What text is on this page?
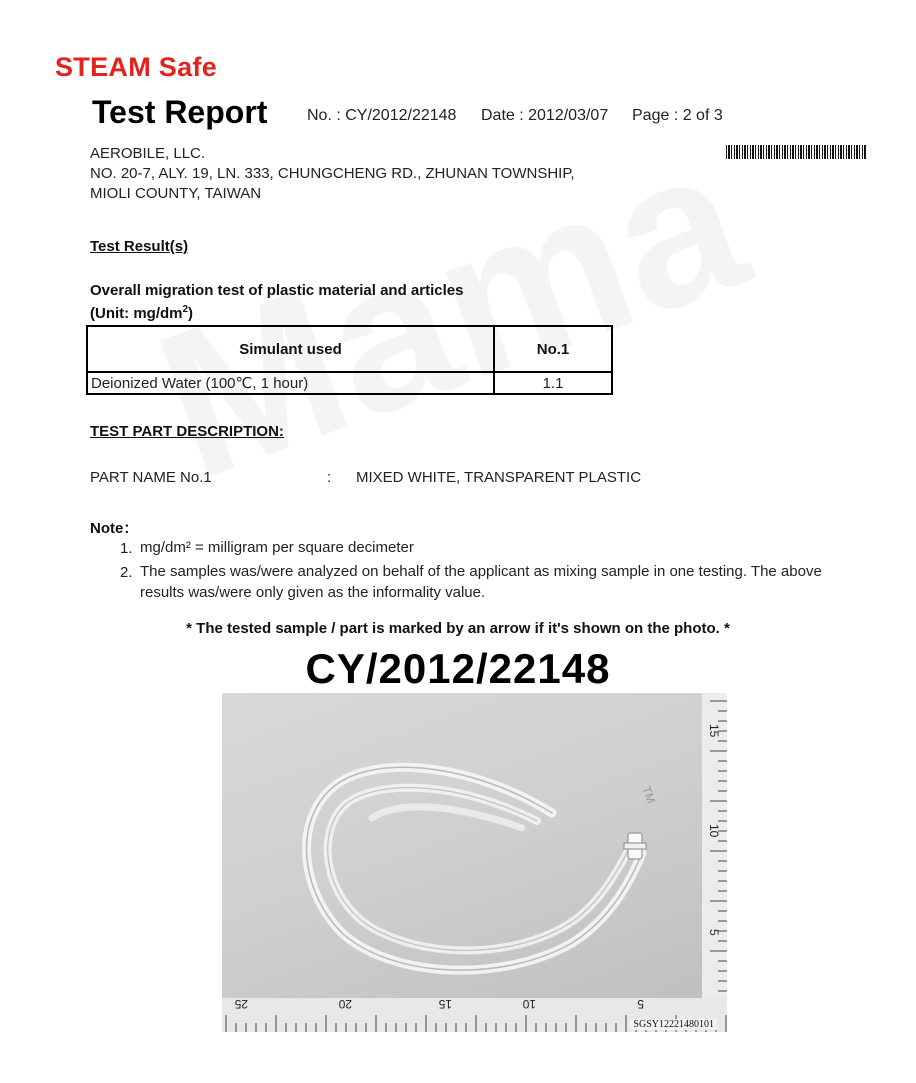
STEAM Safe
Test Report No. : CY/2012/22148 Date : 2012/03/07 Page : 2 of 3
AEROBILE, LLC.
NO. 20-7, ALY. 19, LN. 333, CHUNGCHENG RD., ZHUNAN TOWNSHIP,
MIOLI COUNTY, TAIWAN
Test Result(s)
Overall migration test of plastic material and articles
(Unit: $mg/dm^2$)
Simulant used	No.1
Deionized Water (100℃, 1 hour)	1.1
TEST PART DESCRIPTION:
PART NAME No.1	: MIXED WHITE, TRANSPARENT PLASTIC
Note：
1. mg/dm² = milligram per square decimeter
2. The samples was/were analyzed on behalf of the applicant as mixing sample in one testing. The above results was/were only given as the informality value.
* The tested sample / part is marked by an arrow if it's shown on the photo. *
CY/2012/22148
TM
25	20	15	10	5
15
10
5
SGSY12221480101
